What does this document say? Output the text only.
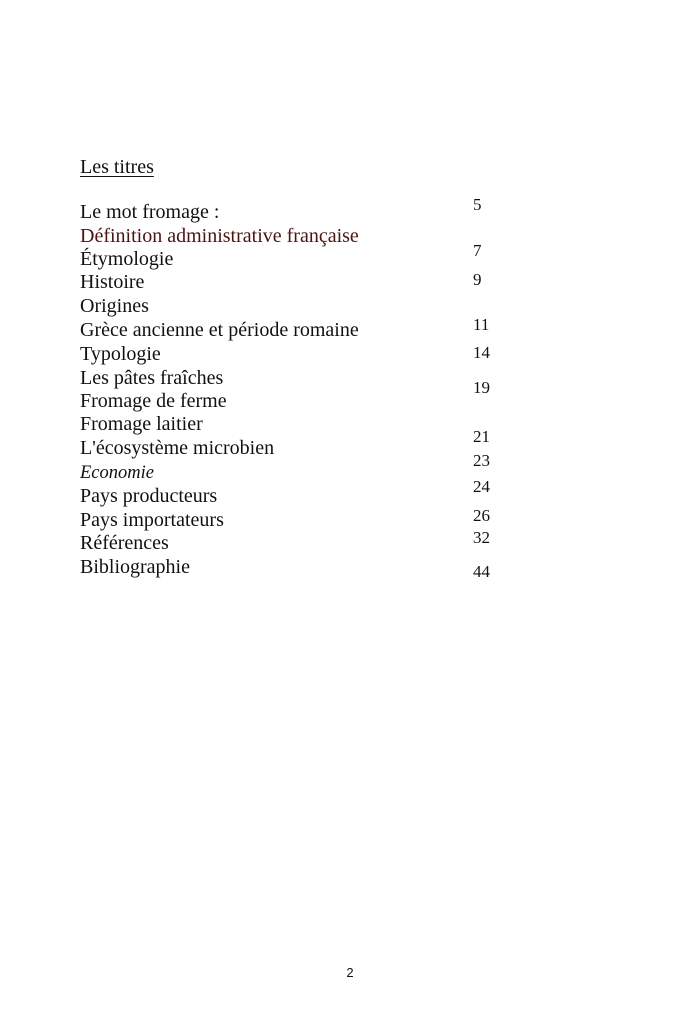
Les titres
Le mot fromage :
Définition administrative française
Étymologie
Histoire
Origines
Grèce ancienne et période romaine
Typologie
Les pâtes fraîches
Fromage de ferme
Fromage laitier
L'écosystème microbien
Economie
Pays producteurs
Pays importateurs
Références
Bibliographie
5
7
9
11
14
19
21
23
24
26
32
44
2
